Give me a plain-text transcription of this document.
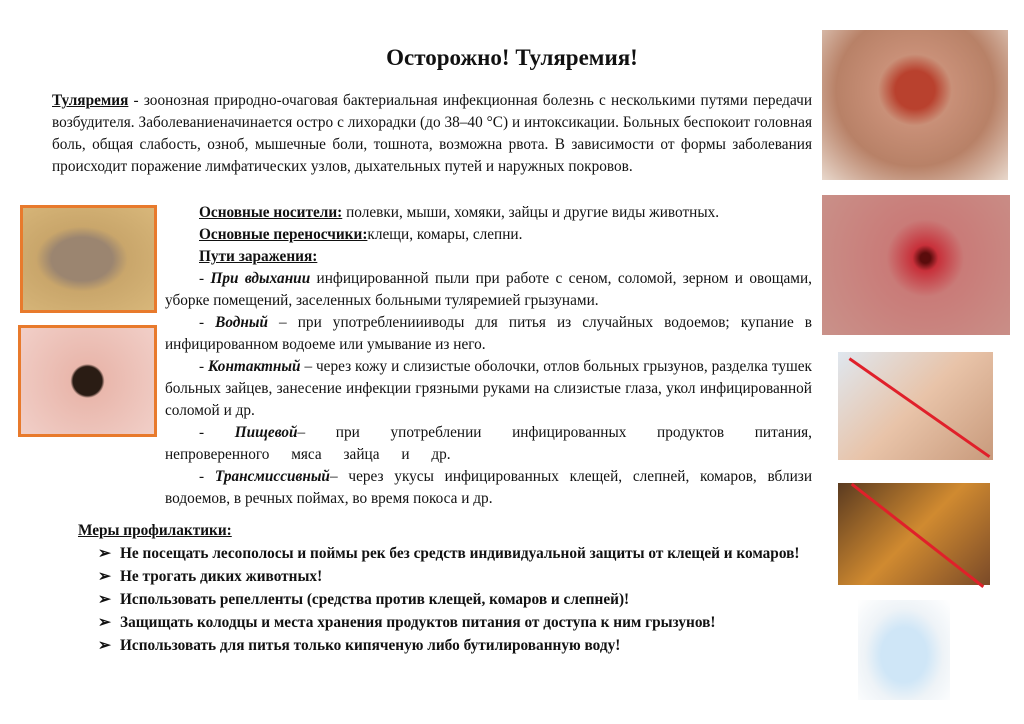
Осторожно! Туляремия!

Туляремия - зоонозная природно-очаговая бактериальная инфекционная болезнь с несколькими путями передачи возбудителя. Заболеваниеначинается остро с лихорадки (до 38–40 °С) и интоксикации. Больных беспокоит головная боль, общая слабость, озноб, мышечные боли, тошнота, возможна рвота. В зависимости от формы заболевания происходит поражение лимфатических узлов, дыхательных путей и наружных покровов.

Основные носители: полевки, мыши, хомяки, зайцы и другие виды животных.

Основные переносчики:клещи, комары, слепни.

Пути заражения:

- При вдыхании инфицированной пыли при работе с сеном, соломой, зерном и овощами, уборке помещений, заселенных больными туляремией грызунами.

- Водный – при употреблениииводы для питья из случайных водоемов; купание в инфицированном водоеме или умывание из него.

- Контактный – через кожу и слизистые оболочки, отлов больных грызунов, разделка тушек больных зайцев, занесение инфекции грязными руками на слизистые глаза, укол инфицированной соломой и др.

- Пищевой– при употреблении инфицированных продуктов питания, непроверенного мяса зайца и др.

- Трансмиссивный– через укусы инфицированных клещей, слепней, комаров, вблизи водоемов, в речных поймах, во время покоса и др.

Меры профилактики:

➢ Не посещать лесополосы и поймы рек без средств индивидуальной защиты от клещей и комаров!
➢ Не трогать диких животных!
➢ Использовать репелленты (средства против клещей, комаров и слепней)!
➢ Защищать колодцы и места хранения продуктов питания от доступа к ним грызунов!
➢ Использовать для питья только кипяченую либо бутилированную воду!
